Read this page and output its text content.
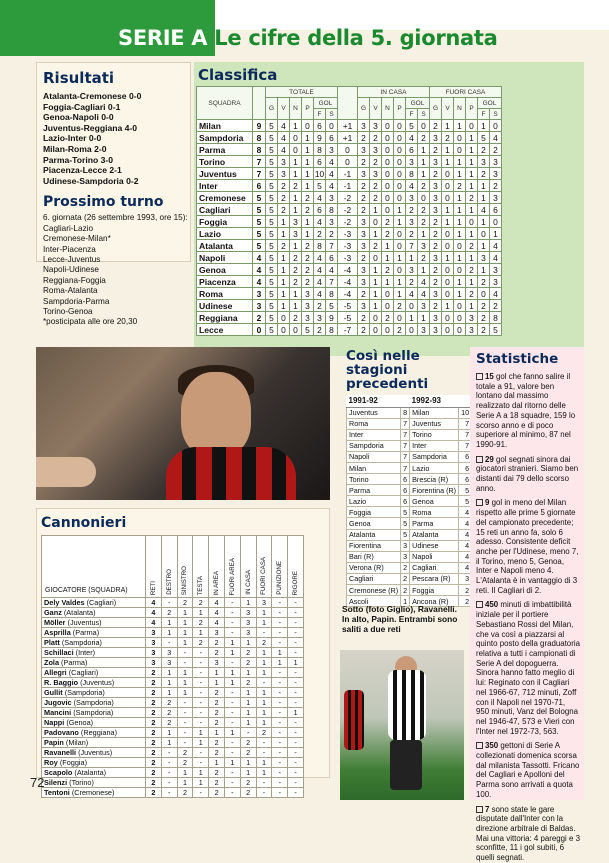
SERIE A Le cifre della 5. giornata
Risultati
Atalanta-Cremonese 0-0
Foggia-Cagliari 0-1
Genoa-Napoli 0-0
Juventus-Reggiana 4-0
Lazio-Inter 0-0
Milan-Roma 2-0
Parma-Torino 3-0
Piacenza-Lecce 2-1
Udinese-Sampdoria 0-2
Prossimo turno
6. giornata (26 settembre 1993, ore 15):
Cagliari-Lazio
Cremonese-Milan*
Inter-Piacenza
Lecce-Juventus
Napoli-Udinese
Reggiana-Foggia
Roma-Atalanta
Sampdoria-Parma
Torino-Genoa
*posticipata alle ore 20,30
Classifica
SQUADRA		TOTALE							IN CASA						FUORI CASA					
		G	V	N	P	GOL			G	V	N	P	GOL		G	V	N	P	GOL	
						F	S						F	S					F	S
Milan	9	5	4	1	0	6	0	+1	3	3	0	0	5	0	2	1	1	0	1	0
Sampdoria	8	5	4	0	1	9	6	+1	2	2	0	0	4	2	3	2	0	1	5	4
Parma	8	5	4	0	1	8	3	0	3	3	0	0	6	1	2	1	0	1	2	2
Torino	7	5	3	1	1	6	4	0	2	2	0	0	3	1	3	1	1	1	3	3
Juventus	7	5	3	1	1	10	4	-1	3	3	0	0	8	1	2	0	1	1	2	3
Inter	6	5	2	2	1	5	4	-1	2	2	0	0	4	2	3	0	2	1	1	2
Cremonese	5	5	2	1	2	4	3	-2	2	2	0	0	3	0	3	0	1	2	1	3
Cagliari	5	5	2	1	2	6	8	-2	2	1	0	1	2	2	3	1	1	1	4	6
Foggia	5	5	1	3	1	4	3	-2	3	0	2	1	3	2	2	1	1	0	1	0
Lazio	5	5	1	3	1	2	2	-3	3	1	2	0	2	1	2	0	1	1	0	1
Atalanta	5	5	2	1	2	8	7	-3	3	2	1	0	7	3	2	0	0	2	1	4
Napoli	4	5	1	2	2	4	6	-3	2	0	1	1	1	2	3	1	1	1	3	4
Genoa	4	5	1	2	2	4	4	-4	3	1	2	0	3	1	2	0	0	2	1	3
Piacenza	4	5	1	2	2	4	7	-4	3	1	1	1	2	4	2	0	1	1	2	3
Roma	3	5	1	1	3	4	8	-4	2	1	0	1	4	4	3	0	1	2	0	4
Udinese	3	5	1	1	3	2	5	-5	3	1	0	2	0	3	2	1	0	1	2	2
Reggiana	2	5	0	2	3	3	9	-5	2	0	2	0	1	1	3	0	0	3	2	8
Lecce	0	5	0	0	5	2	8	-7	2	0	0	2	0	3	3	0	0	3	2	5
Così nelle stagioni precedenti
1991-92		1992-93	
Juventus	8	Milan	10
Roma	7	Juventus	7
Inter	7	Torino	7
Sampdoria	7	Inter	7
Napoli	7	Sampdoria	6
Milan	7	Lazio	6
Torino	6	Brescia (R)	6
Parma	6	Fiorentina (R)	5
Lazio	6	Genoa	5
Foggia	5	Roma	4
Genoa	5	Parma	4
Atalanta	5	Atalanta	4
Fiorentina	3	Udinese	4
Bari (R)	3	Napoli	4
Verona (R)	2	Cagliari	4
Cagliari	2	Pescara (R)	3
Cremonese (R)	2	Foggia	2
Ascoli	1	Ancona (R)	2
Sotto (foto Giglio), Ravanelli. In alto, Papin. Entrambi sono saliti a due reti
Statistiche
15 gol che fanno salire il totale a 91, valore ben lontano dal massimo realizzato dal ritorno delle Serie A a 18 squadre, 159 lo scorso anno e di poco superiore al minimo, 87 nel 1990-91.
29 gol segnati sinora dai giocatori stranieri. Siamo ben distanti dai 79 dello scorso anno.
9 gol in meno del Milan rispetto alle prime 5 giornate del campionato precedente; 15 reti un anno fa, solo 6 adesso. Consistente deficit anche per l'Udinese, meno 7, il Torino, meno 5, Genoa, Inter e Napoli meno 4. L'Atalanta è in vantaggio di 3 reti. Il Cagliari di 2.
450 minuti di imbattibilità iniziale per il portiere Sebastiano Rossi del Milan, che va così a piazzarsi al quinto posto della graduatoria relativa a tutti i campionati di Serie A del dopoguerra. Sinora hanno fatto meglio di lui: Reginato con il Cagliari nel 1966-67, 712 minuti, Zoff con il Napoli nel 1970-71, 950 minuti, Vanz del Bologna nel 1946-47, 573 e Vieri con l'Inter nel 1972-73, 563.
350 gettoni di Serie A collezionati domenica scorsa dal milanista Tassotti. Fricano del Cagliari e Apolloni del Parma sono arrivati a quota 100.
7 sono state le gare disputate dall'Inter con la direzione arbitrale di Baldas. Mai una vittoria: 4 pareggi e 3 sconfitte, 11 i gol subiti, 6 quelli segnati.
Cannonieri
GIOCATORE (SQUADRA)	RETI	DESTRO	SINISTRO	TESTA	IN AREA	FUORI AREA	IN CASA	FUORI CASA	PUNIZIONE	RIGORE
Dely Valdes (Cagliari)	4	-	2	2	4	-	1	3	-	-
Ganz (Atalanta)	4	2	1	1	4	-	3	1	-	-
Möller (Juventus)	4	1	1	2	4	-	3	1	-	-
Asprilla (Parma)	3	1	1	1	3	-	3	-	-	-
Platt (Sampdoria)	3	-	1	2	2	1	1	2	-	-
Schillaci (Inter)	3	3	-	-	2	1	2	1	1	-
Zola (Parma)	3	3	-	-	3	-	2	1	1	1
Allegri (Cagliari)	2	1	1	-	1	1	1	1	-	-
R. Baggio (Juventus)	2	1	1	-	1	1	2	-	-	-
Gullit (Sampdoria)	2	1	1	-	2	-	1	1	-	-
Jugovic (Sampdoria)	2	2	-	-	2	-	1	1	-	-
Mancini (Sampdoria)	2	2	-	-	2	-	1	1	-	1
Nappi (Genoa)	2	2	-	-	2	-	1	1	-	-
Padovano (Reggiana)	2	1	-	1	1	1	-	2	-	-
Papin (Milan)	2	1	-	1	2	-	2	-	-	-
Ravanelli (Juventus)	2	-	2	-	2	-	2	-	-	-
Roy (Foggia)	2	-	2	-	1	1	1	1	-	-
Scapolo (Atalanta)	2	-	1	1	2	-	1	1	-	-
Silenzi (Torino)	2	-	1	1	2	-	2	-	-	-
Tentoni (Cremonese)	2	-	2	-	2	-	2	-	-	-
72
